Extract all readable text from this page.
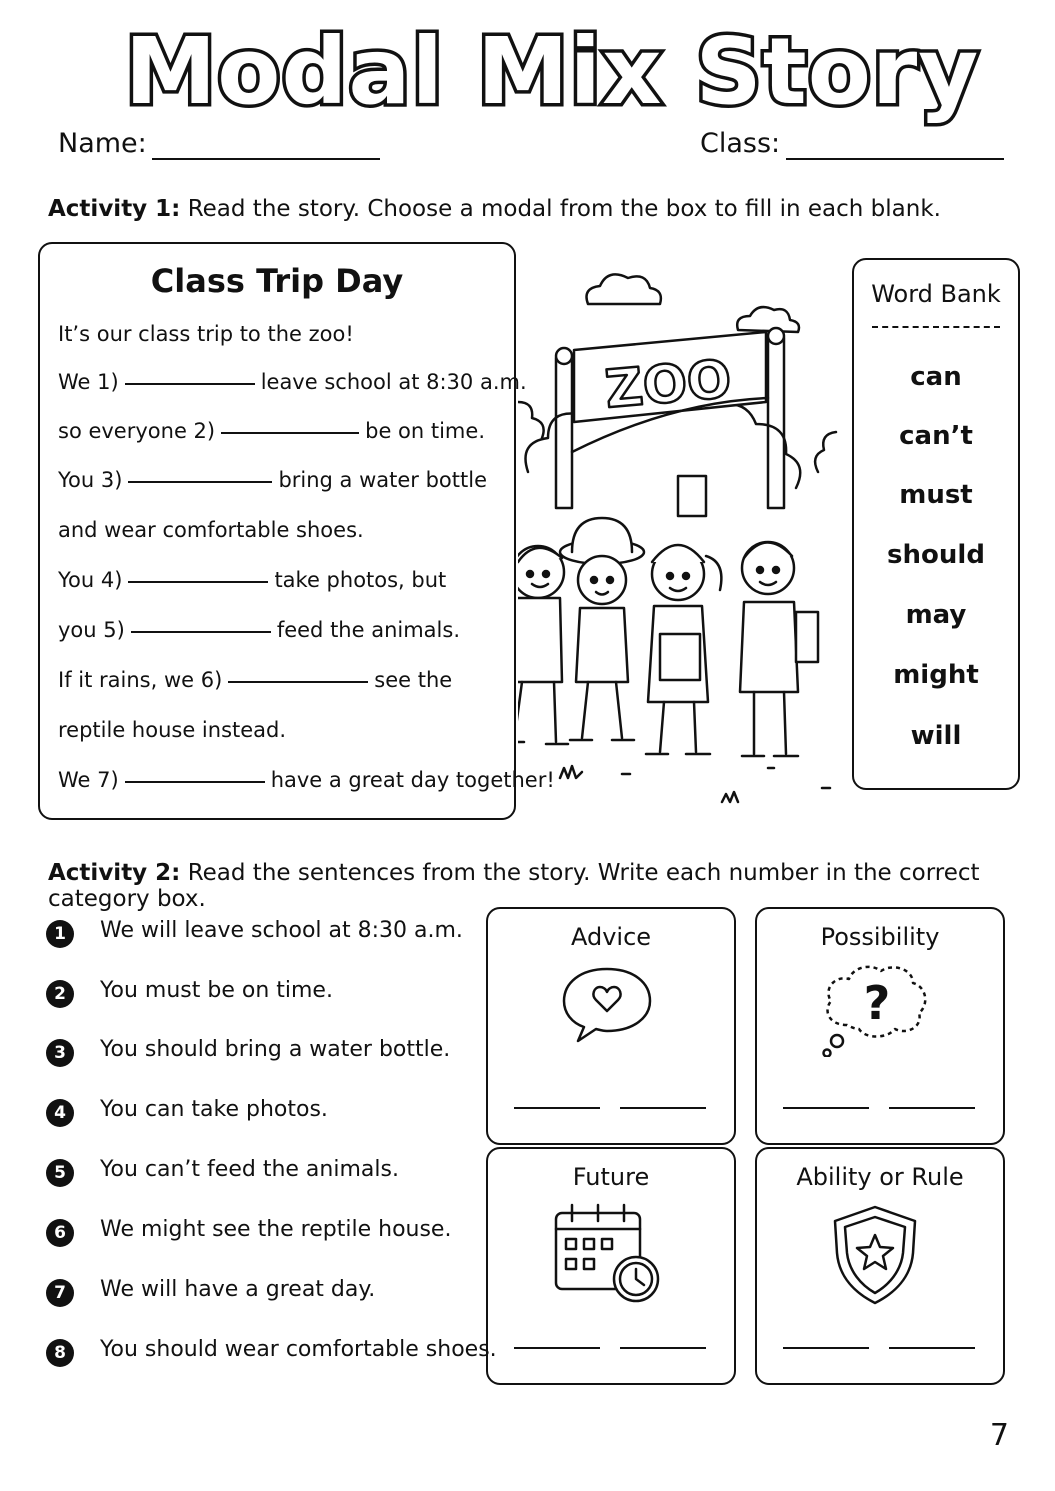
Modal Mix Story
Name:	Class:
Activity 1: Read the story. Choose a modal from the box to fill in each blank.
Class Trip Day
It’s our class trip to the zoo!
We 1)	leave school at 8:30 a.m.
so everyone 2)	be on time.
You 3)	bring a water bottle
and wear comfortable shoes.
You 4)	take photos, but
you 5)	feed the animals.
If it rains, we 6)	see the
reptile house instead.
We 7)	have a great day together!
ZOO
Word Bank
can
can’t
must
should
may
might
will
Activity 2: Read the sentences from the story. Write each number in the correct category box.
1	We will leave school at 8:30 a.m.
2	You must be on time.
3	You should bring a water bottle.
4	You can take photos.
5	You can’t feed the animals.
6	We might see the reptile house.
7	We will have a great day.
8	You should wear comfortable shoes.
Advice	Possibility
?
Future	Ability or Rule
7
